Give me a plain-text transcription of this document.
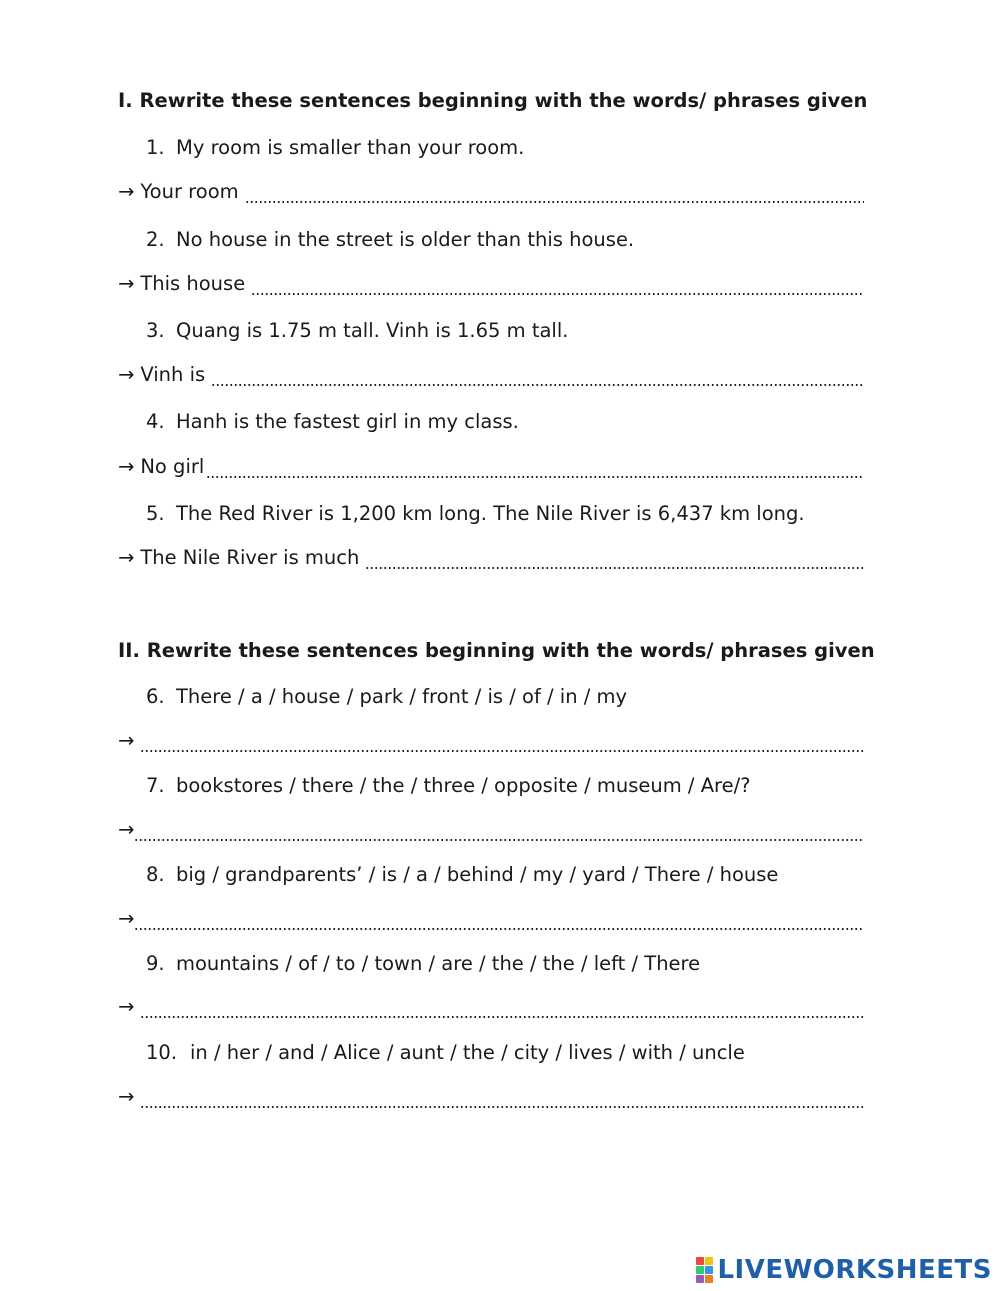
I. Rewrite these sentences beginning with the words/ phrases given
1. My room is smaller than your room.
→ Your room
2. No house in the street is older than this house.
→ This house
3. Quang is 1.75 m tall. Vinh is 1.65 m tall.
→ Vinh is
4. Hanh is the fastest girl in my class.
→ No girl
5. The Red River is 1,200 km long. The Nile River is 6,437 km long.
→ The Nile River is much
II. Rewrite these sentences beginning with the words/ phrases given
6. There / a / house / park / front / is / of / in / my
→
7. bookstores / there / the / three / opposite / museum / Are/?
→
8. big / grandparents’ / is / a / behind / my / yard / There / house
→
9. mountains / of / to / town / are / the / the / left / There
→
10. in / her / and / Alice / aunt / the / city / lives / with / uncle
→
LIVEWORKSHEETS
